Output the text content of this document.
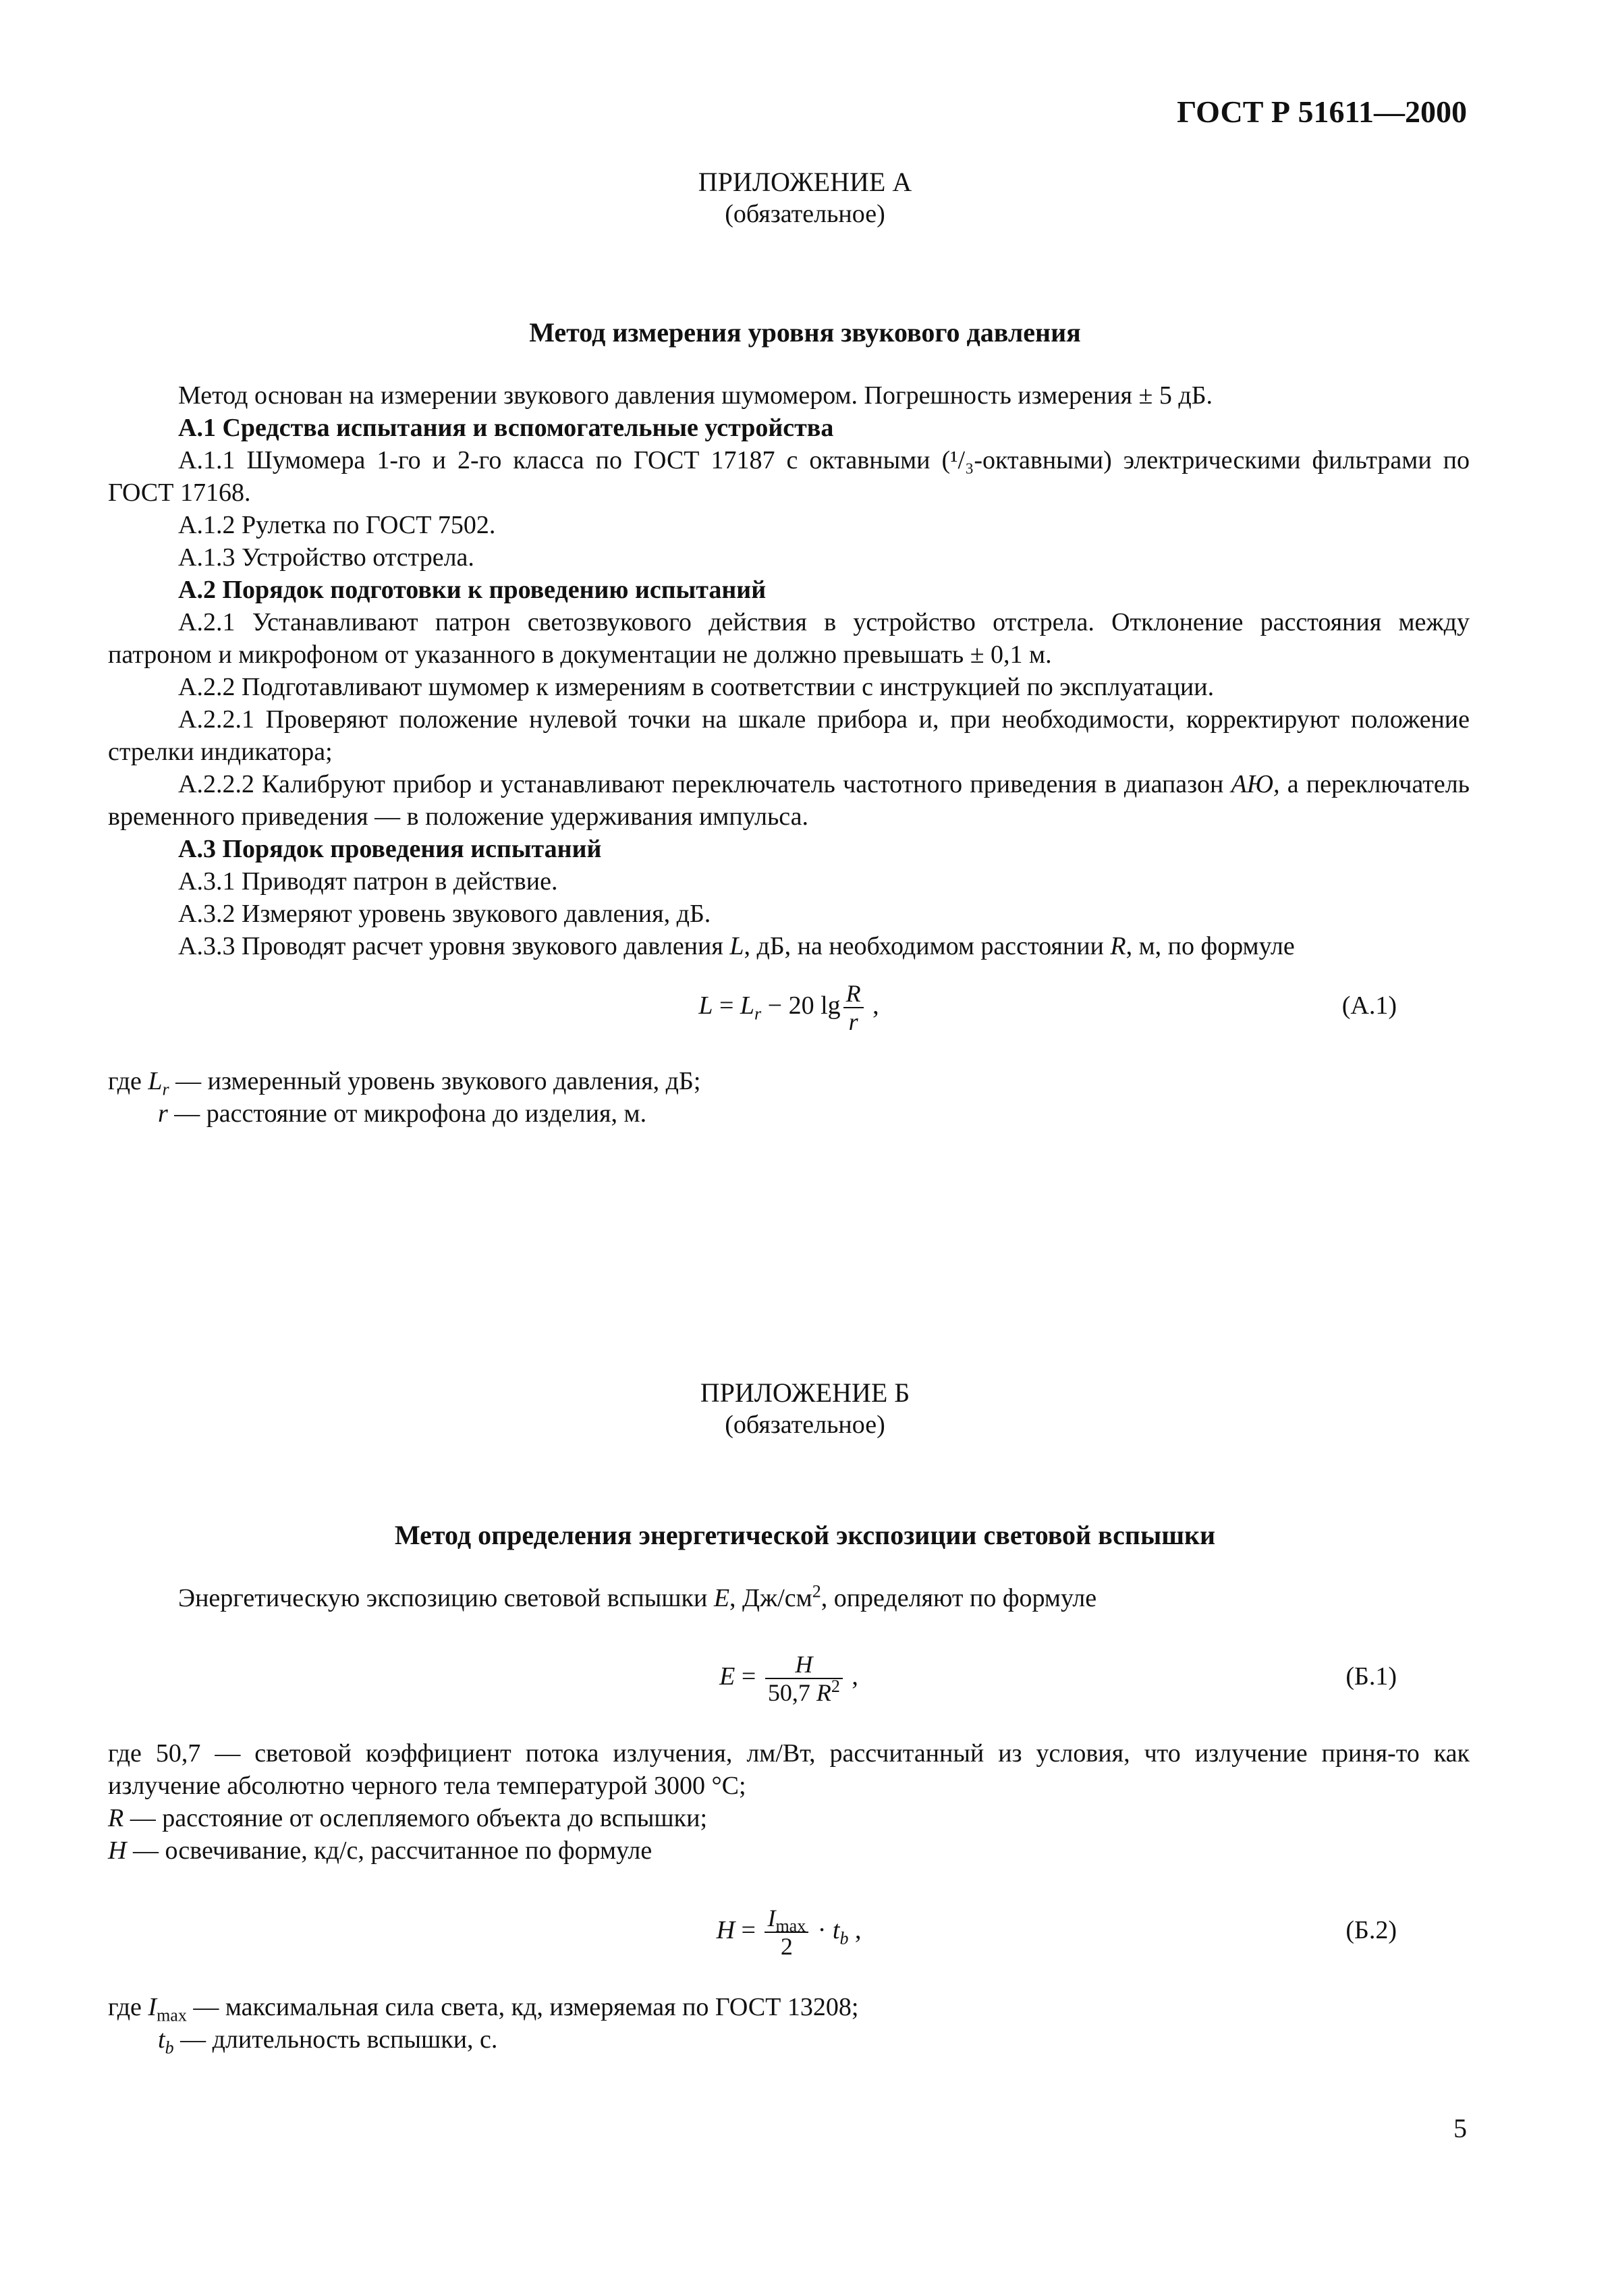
ГОСТ Р 51611—2000
ПРИЛОЖЕНИЕ А
(обязательное)
Метод измерения уровня звукового давления

Метод основан на измерении звукового давления шумомером. Погрешность измерения ± 5 дБ.

А.1 Средства испытания и вспомогательные устройства

А.1.1 Шумомера 1-го и 2-го класса по ГОСТ 17187 с октавными (¹/₃-октавными) электрическими фильтрами по ГОСТ 17168.

А.1.2 Рулетка по ГОСТ 7502.

А.1.3 Устройство отстрела.

А.2 Порядок подготовки к проведению испытаний

А.2.1 Устанавливают патрон светозвукового действия в устройство отстрела. Отклонение расстояния между патроном и микрофоном от указанного в документации не должно превышать ± 0,1 м.

А.2.2 Подготавливают шумомер к измерениям в соответствии с инструкцией по эксплуатации.

А.2.2.1 Проверяют положение нулевой точки на шкале прибора и, при необходимости, корректируют положение стрелки индикатора;

А.2.2.2 Калибруют прибор и устанавливают переключатель частотного приведения в диапазон АЮ, а переключатель временного приведения — в положение удерживания импульса.

А.3 Порядок проведения испытаний

А.3.1 Приводят патрон в действие.

А.3.2 Измеряют уровень звукового давления, дБ.

А.3.3 Проводят расчет уровня звукового давления L, дБ, на необходимом расстоянии R, м, по формуле

$L = L_r - 20$ $\lg \frac{R}{r}$ ,	(А.1)

где $L_r$ — измеренный уровень звукового давления, дБ;

r — расстояние от микрофона до изделия, м.

ПРИЛОЖЕНИЕ Б
(обязательное)
Метод определения энергетической экспозиции световой вспышки

Энергетическую экспозицию световой вспышки E, $Дж/см^2$, определяют по формуле

$E = \frac{H}{50,7 R^2}$ ,	(Б.1)

где 50,7 — световой коэффициент потока излучения, лм/Вт, рассчитанный из условия, что излучение приня-то как излучение абсолютно черного тела температурой 3000 °С;

R — расстояние от ослепляемого объекта до вспышки;

H — освечивание, кд/с, рассчитанное по формуле

$H = \frac{I_{max}}{2} \cdot t_b$ ,	(Б.2)

где $I_{max}$ — максимальная сила света, кд, измеряемая по ГОСТ 13208;

$t_b$ — длительность вспышки, с.

5
